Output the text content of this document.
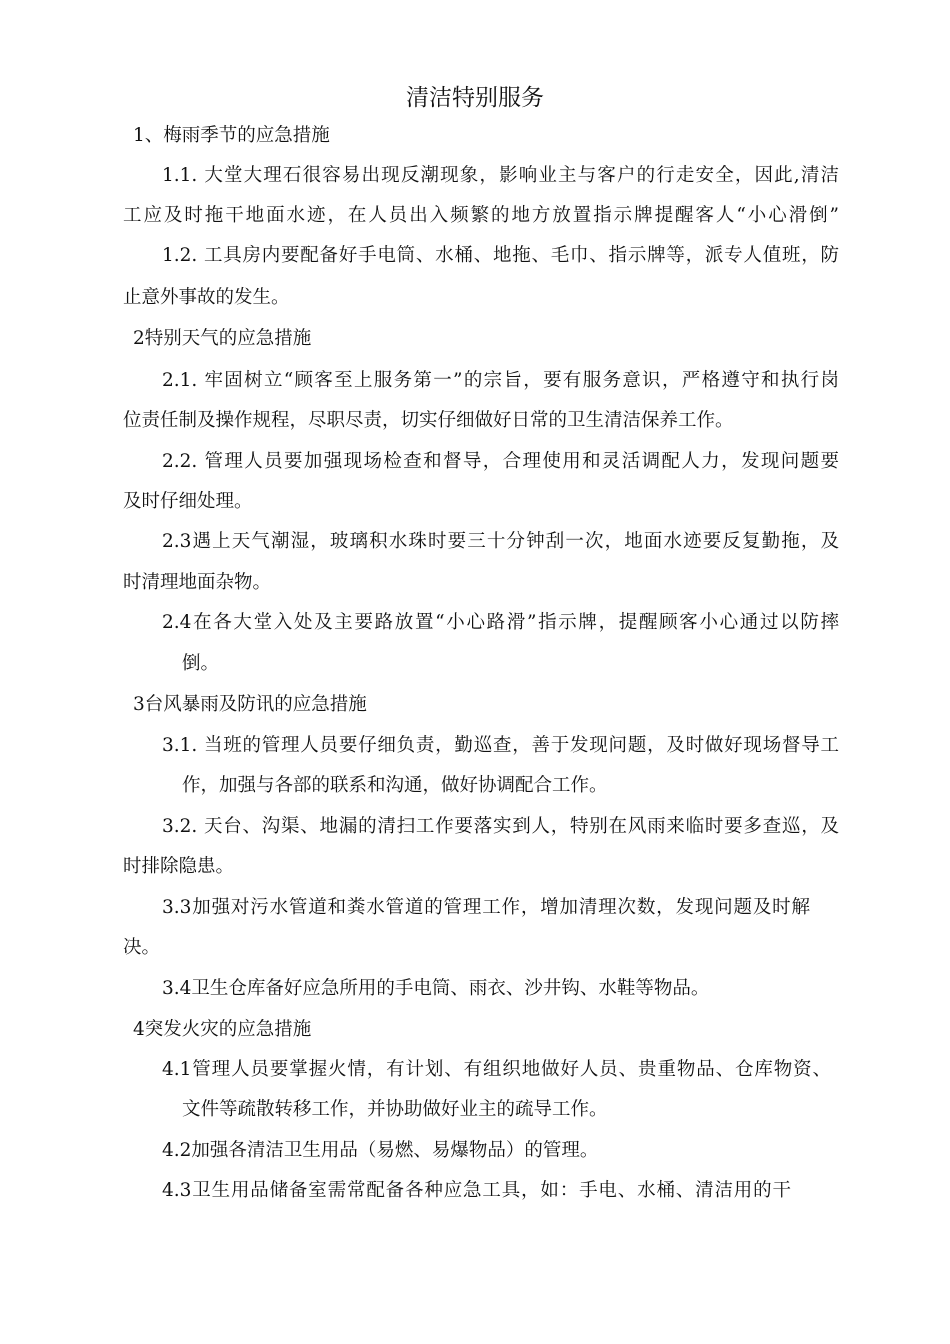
清洁特别服务
1、梅雨季节的应急措施
1.1. 大堂大理石很容易出现反潮现象，影响业主与客户的行走安全，因此,清洁
工应及时拖干地面水迹，在人员出入频繁的地方放置指示牌提醒客人“小心滑倒”
1.2. 工具房内要配备好手电筒、水桶、地拖、毛巾、指示牌等，派专人值班，防
止意外事故的发生。
2特别天气的应急措施
2.1. 牢固树立“顾客至上服务第一”的宗旨，要有服务意识，严格遵守和执行岗
位责任制及操作规程，尽职尽责，切实仔细做好日常的卫生清洁保养工作。
2.2. 管理人员要加强现场检查和督导，合理使用和灵活调配人力，发现问题要
及时仔细处理。
2.3遇上天气潮湿，玻璃积水珠时要三十分钟刮一次，地面水迹要反复勤拖，及
时清理地面杂物。
2.4在各大堂入处及主要路放置“小心路滑”指示牌，提醒顾客小心通过以防摔
倒。
3台风暴雨及防讯的应急措施
3.1. 当班的管理人员要仔细负责，勤巡查，善于发现问题，及时做好现场督导工
作，加强与各部的联系和沟通，做好协调配合工作。
3.2. 天台、沟渠、地漏的清扫工作要落实到人，特别在风雨来临时要多查巡，及
时排除隐患。
3.3加强对污水管道和粪水管道的管理工作，增加清理次数，发现问题及时解
决。
3.4卫生仓库备好应急所用的手电筒、雨衣、沙井钩、水鞋等物品。
4突发火灾的应急措施
4.1管理人员要掌握火情，有计划、有组织地做好人员、贵重物品、仓库物资、
文件等疏散转移工作，并协助做好业主的疏导工作。
4.2加强各清洁卫生用品（易燃、易爆物品）的管理。
4.3卫生用品储备室需常配备各种应急工具，如：手电、水桶、清洁用的干
